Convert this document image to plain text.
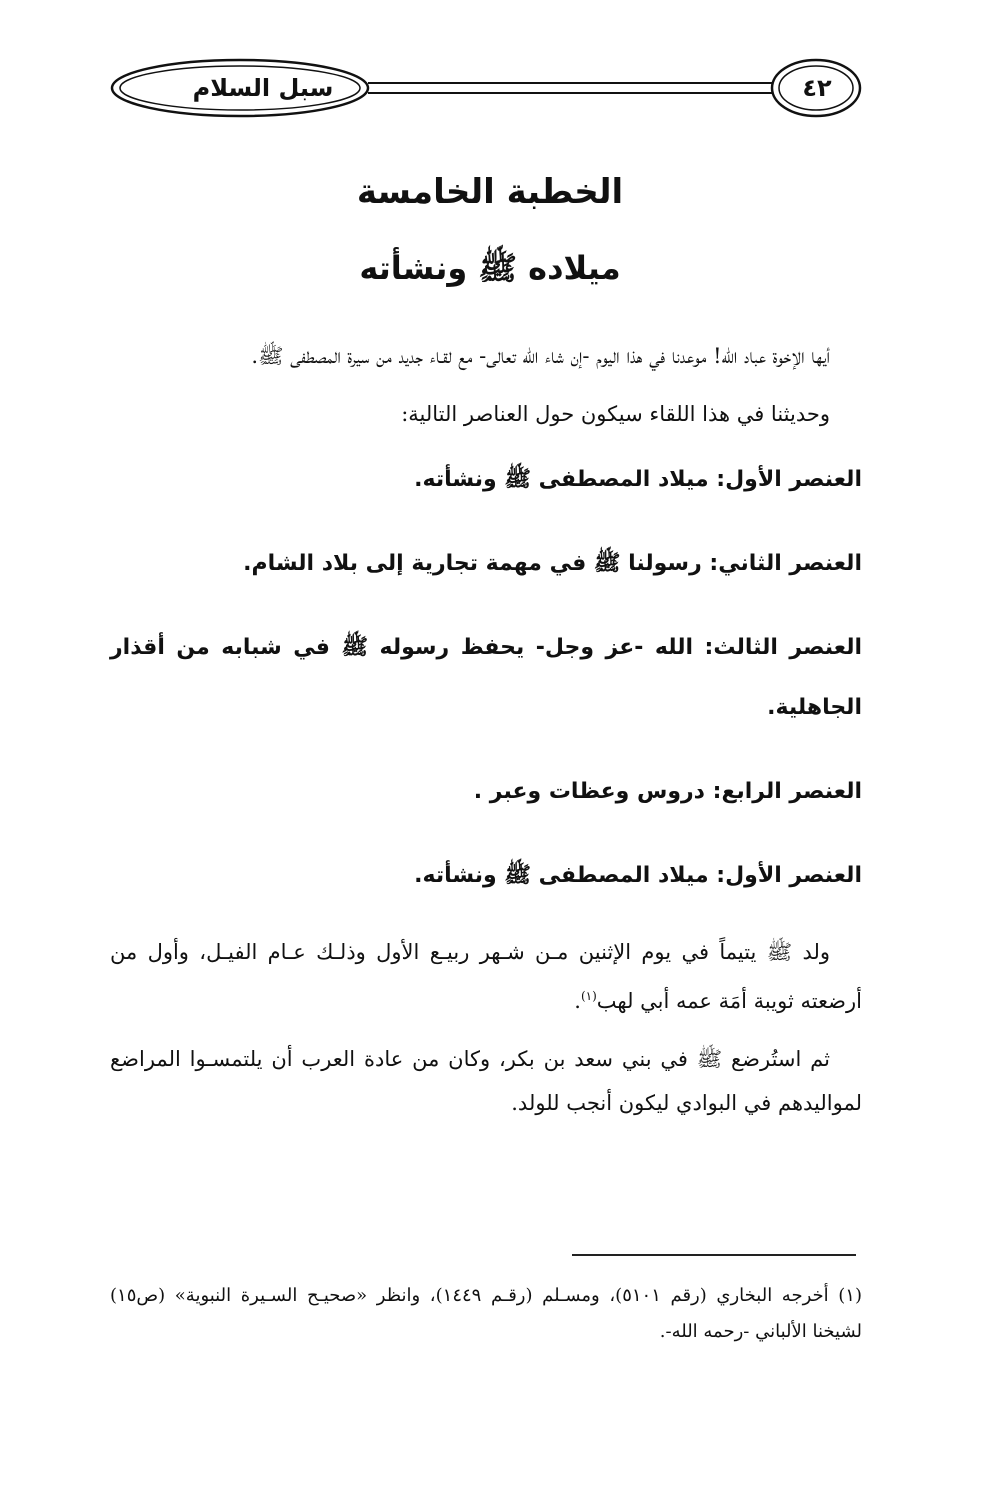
سبل السلام	٤٢
الخطبة الخامسة
ميلاده ﷺ ونشأته

أيها الإخوة عباد الله! موعدنا في هذا اليوم -إن شاء الله تعالى- مع لقـاء جديد من سيرة المصطفى ﷺ.

وحديثنا في هذا اللقاء سيكون حول العناصر التالية:

العنصر الأول: ميلاد المصطفى ﷺ ونشأته.

العنصر الثاني: رسولنا ﷺ في مهمة تجارية إلى بلاد الشام.

العنصر الثالث: الله -عز وجل- يحفظ رسوله ﷺ في شبابه من أقذار الجاهلية.

العنصر الرابع: دروس وعظات وعبر .

العنصر الأول: ميلاد المصطفى ﷺ ونشأته.

ولد ﷺ يتيماً في يوم الإثنين مـن شـهر ربيـع الأول وذلـك عـام الفيـل، وأول من أرضعته ثويبة أمَة عمه أبي لهب$^{(١)}$.

ثم استُرضع ﷺ في بني سعد بن بكر، وكان من عادة العرب أن يلتمسـوا المراضع لمواليدهم في البوادي ليكون أنجب للولد.

(١) أخرجه البخاري (رقم ٥١٠١)، ومسـلم (رقـم ١٤٤٩)، وانظر «صحيـح السـيرة النبوية» (ص١٥) لشيخنا الألباني -رحمه الله-.
